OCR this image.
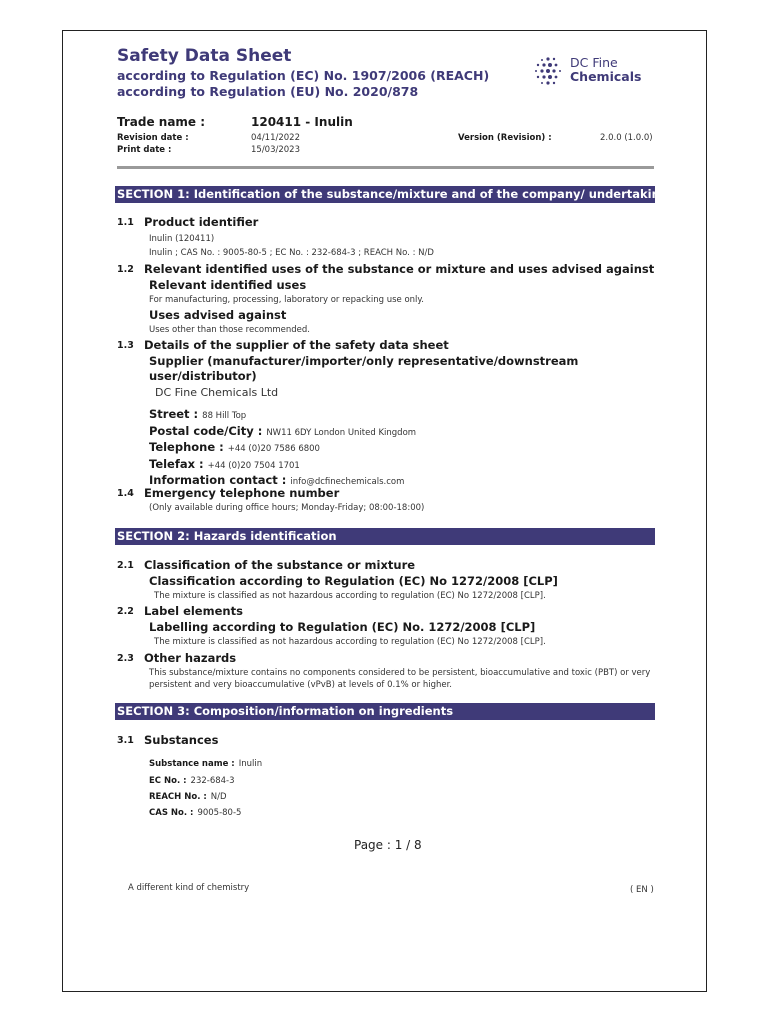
Safety Data Sheet
according to Regulation (EC) No. 1907/2006 (REACH)
according to Regulation (EU) No. 2020/878
DC Fine
Chemicals
Trade name :	120411 - Inulin
Revision date :	04/11/2022
Print date :	15/03/2023
Version (Revision) :	2.0.0 (1.0.0)
SECTION 1: Identification of the substance/mixture and of the company/ undertaking
1.1 Product identifier
Inulin (120411)
Inulin ; CAS No. : 9005-80-5 ; EC No. : 232-684-3 ; REACH No. : N/D
1.2 Relevant identified uses of the substance or mixture and uses advised against
Relevant identified uses
For manufacturing, processing, laboratory or repacking use only.
Uses advised against
Uses other than those recommended.
1.3 Details of the supplier of the safety data sheet
Supplier (manufacturer/importer/only representative/downstream
user/distributor)
DC Fine Chemicals Ltd
Street : 88 Hill Top
Postal code/City : NW11 6DY London United Kingdom
Telephone : +44 (0)20 7586 6800
Telefax : +44 (0)20 7504 1701
Information contact : info@dcfinechemicals.com
1.4 Emergency telephone number
(Only available during office hours; Monday-Friday; 08:00-18:00)
SECTION 2: Hazards identification
2.1 Classification of the substance or mixture
Classification according to Regulation (EC) No 1272/2008 [CLP]
The mixture is classified as not hazardous according to regulation (EC) No 1272/2008 [CLP].
2.2 Label elements
Labelling according to Regulation (EC) No. 1272/2008 [CLP]
The mixture is classified as not hazardous according to regulation (EC) No 1272/2008 [CLP].
2.3 Other hazards
This substance/mixture contains no components considered to be persistent, bioaccumulative and toxic (PBT) or very
persistent and very bioaccumulative (vPvB) at levels of 0.1% or higher.
SECTION 3: Composition/information on ingredients
3.1 Substances
Substance name : Inulin
EC No. : 232-684-3
REACH No. : N/D
CAS No. : 9005-80-5
Page : 1 / 8
A different kind of chemistry	( EN )
